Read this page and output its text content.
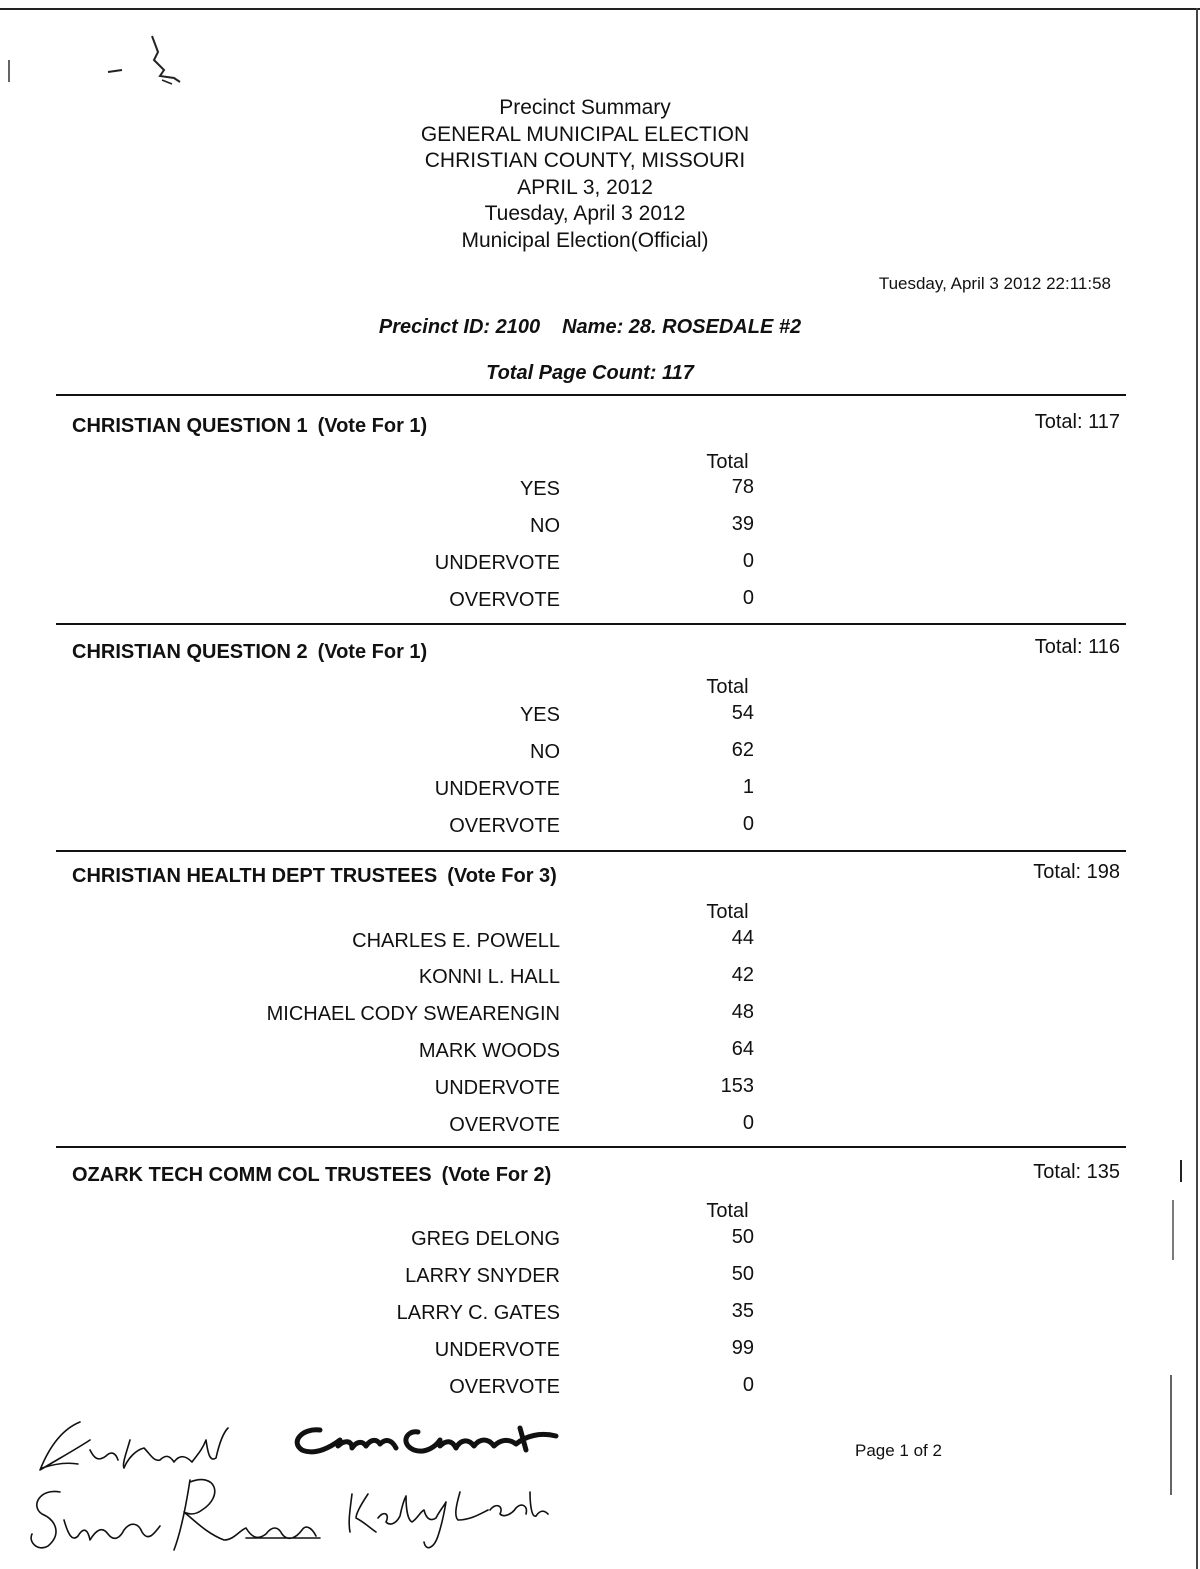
Precinct Summary
GENERAL MUNICIPAL ELECTION
CHRISTIAN COUNTY, MISSOURI
APRIL 3, 2012
Tuesday, April 3 2012
Municipal Election(Official)
Tuesday, April 3 2012 22:11:58
Precinct ID: 2100 Name: 28. ROSEDALE #2
Total Page Count: 117
CHRISTIAN QUESTION 1 (Vote For 1)	Total: 117
Total
YES	78
NO	39
UNDERVOTE	0
OVERVOTE	0
CHRISTIAN QUESTION 2 (Vote For 1)	Total: 116
Total
YES	54
NO	62
UNDERVOTE	1
OVERVOTE	0
CHRISTIAN HEALTH DEPT TRUSTEES (Vote For 3)	Total: 198
Total
CHARLES E. POWELL	44
KONNI L. HALL	42
MICHAEL CODY SWEARENGIN	48
MARK WOODS	64
UNDERVOTE	153
OVERVOTE	0
OZARK TECH COMM COL TRUSTEES (Vote For 2)	Total: 135
Total
GREG DELONG	50
LARRY SNYDER	50
LARRY C. GATES	35
UNDERVOTE	99
OVERVOTE	0
Page 1 of 2
